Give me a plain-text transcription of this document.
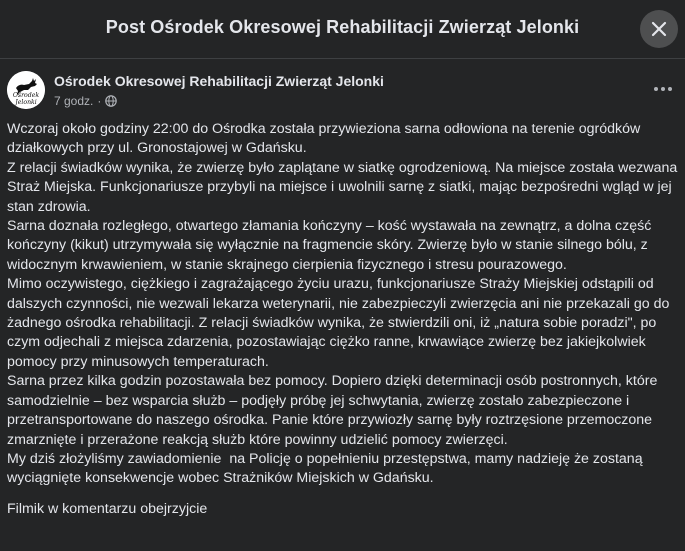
Post Ośrodek Okresowej Rehabilitacji Zwierząt Jelonki
Ośrodek
Jelonki
Ośrodek Okresowej Rehabilitacji Zwierząt Jelonki
7 godz. ·

Wczoraj około godziny 22:00 do Ośrodka została przywieziona sarna odłowiona na terenie ogródków działkowych przy ul. Gronostajowej w Gdańsku.

Z relacji świadków wynika, że zwierzę było zaplątane w siatkę ogrodzeniową. Na miejsce została wezwana Straż Miejska. Funkcjonariusze przybyli na miejsce i uwolnili sarnę z siatki, mając bezpośredni wgląd w jej stan zdrowia.

Sarna doznała rozległego, otwartego złamania kończyny – kość wystawała na zewnątrz, a dolna część kończyny (kikut) utrzymywała się wyłącznie na fragmencie skóry. Zwierzę było w stanie silnego bólu, z widocznym krwawieniem, w stanie skrajnego cierpienia fizycznego i stresu pourazowego.

Mimo oczywistego, ciężkiego i zagrażającego życiu urazu, funkcjonariusze Straży Miejskiej odstąpili od dalszych czynności, nie wezwali lekarza weterynarii, nie zabezpieczyli zwierzęcia ani nie przekazali go do żadnego ośrodka rehabilitacji. Z relacji świadków wynika, że stwierdzili oni, iż „natura sobie poradzi", po czym odjechali z miejsca zdarzenia, pozostawiając ciężko ranne, krwawiące zwierzę bez jakiejkolwiek pomocy przy minusowych temperaturach.

Sarna przez kilka godzin pozostawała bez pomocy. Dopiero dzięki determinacji osób postronnych, które samodzielnie – bez wsparcia służb – podjęły próbę jej schwytania, zwierzę zostało zabezpieczone i przetransportowane do naszego ośrodka. Panie które przywiozły sarnę były roztrzęsione przemoczone zmarznięte i przerażone reakcją służb które powinny udzielić pomocy zwierzęci.

My dziś złożyliśmy zawiadomienie  na Policję o popełnieniu przestępstwa, mamy nadzieję że zostaną wyciągnięte konsekwencje wobec Strażników Miejskich w Gdańsku.

Filmik w komentarzu obejrzyjcie
